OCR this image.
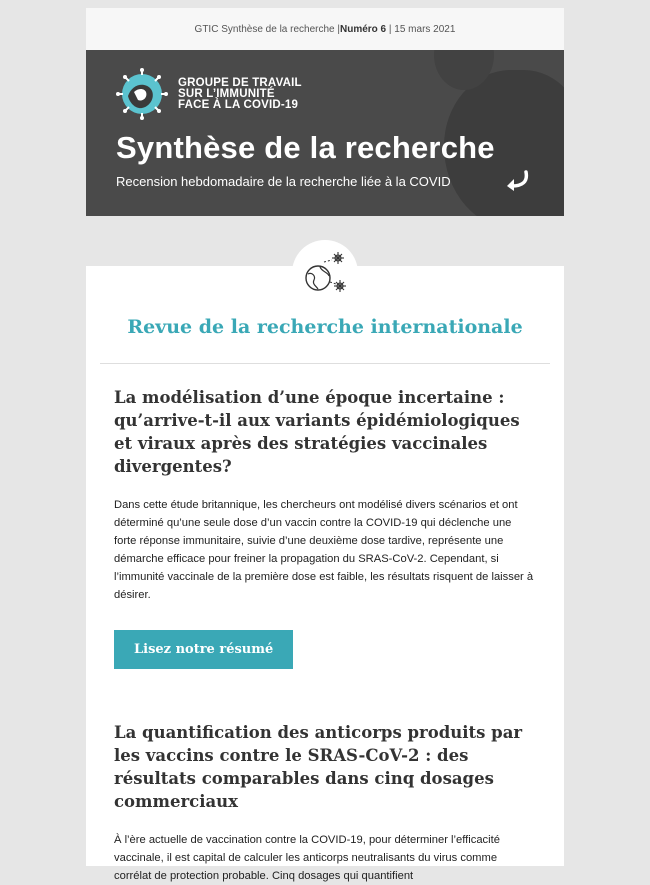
GTIC Synthèse de la recherche | Numéro 6
| 15 mars 2021
GROUPE DE TRAVAIL
SUR L’IMMUNITÉ
FACE À LA COVID-19
Synthèse de la recherche
Recension hebdomadaire de la recherche liée à la COVID
Revue de la recherche internationale
La modélisation d’une époque incertaine : qu’arrive-t-il aux variants épidémiologiques et viraux après des stratégies vaccinales divergentes?

Dans cette étude britannique, les chercheurs ont modélisé divers scénarios et ont déterminé qu’une seule dose d’un vaccin contre la COVID-19 qui déclenche une forte réponse immunitaire, suivie d’une deuxième dose tardive, représente une démarche efficace pour freiner la propagation du SRAS-CoV-2. Cependant, si l’immunité vaccinale de la première dose est faible, les résultats risquent de laisser à désirer.

Lisez notre résumé
La quantification des anticorps produits par les vaccins contre le SRAS-CoV-2 : des résultats comparables dans cinq dosages commerciaux

À l’ère actuelle de vaccination contre la COVID-19, pour déterminer l’efficacité vaccinale, il est capital de calculer les anticorps neutralisants du virus comme corrélat de protection probable. Cinq dosages qui quantifient
